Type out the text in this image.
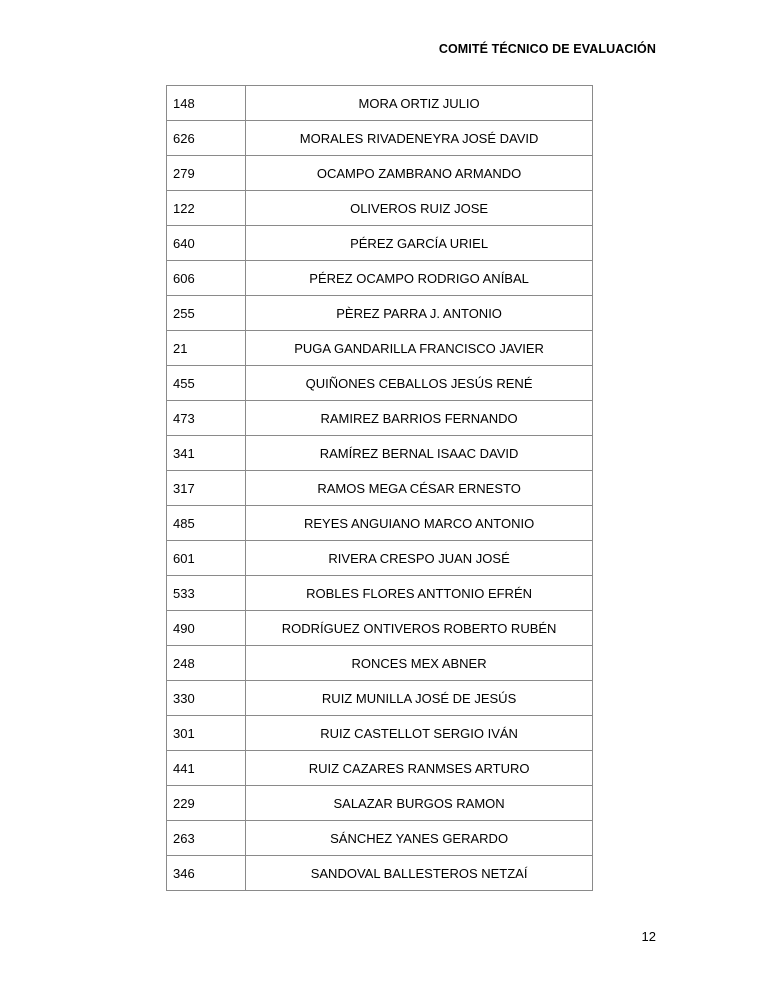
COMITÉ TÉCNICO DE EVALUACIÓN
148	MORA ORTIZ JULIO
626	MORALES RIVADENEYRA JOSÉ DAVID
279	OCAMPO ZAMBRANO ARMANDO
122	OLIVEROS RUIZ JOSE
640	PÉREZ GARCÍA URIEL
606	PÉREZ OCAMPO RODRIGO ANÍBAL
255	PÈREZ PARRA J. ANTONIO
21	PUGA GANDARILLA FRANCISCO JAVIER
455	QUIÑONES CEBALLOS JESÚS RENÉ
473	RAMIREZ BARRIOS FERNANDO
341	RAMÍREZ BERNAL ISAAC DAVID
317	RAMOS MEGA CÉSAR ERNESTO
485	REYES ANGUIANO MARCO ANTONIO
601	RIVERA CRESPO JUAN JOSÉ
533	ROBLES FLORES ANTTONIO EFRÉN
490	RODRÍGUEZ ONTIVEROS ROBERTO RUBÉN
248	RONCES MEX ABNER
330	RUIZ MUNILLA JOSÉ DE JESÚS
301	RUIZ CASTELLOT SERGIO IVÁN
441	RUIZ CAZARES RANMSES ARTURO
229	SALAZAR BURGOS RAMON
263	SÁNCHEZ YANES GERARDO
346	SANDOVAL BALLESTEROS NETZAÍ
12
